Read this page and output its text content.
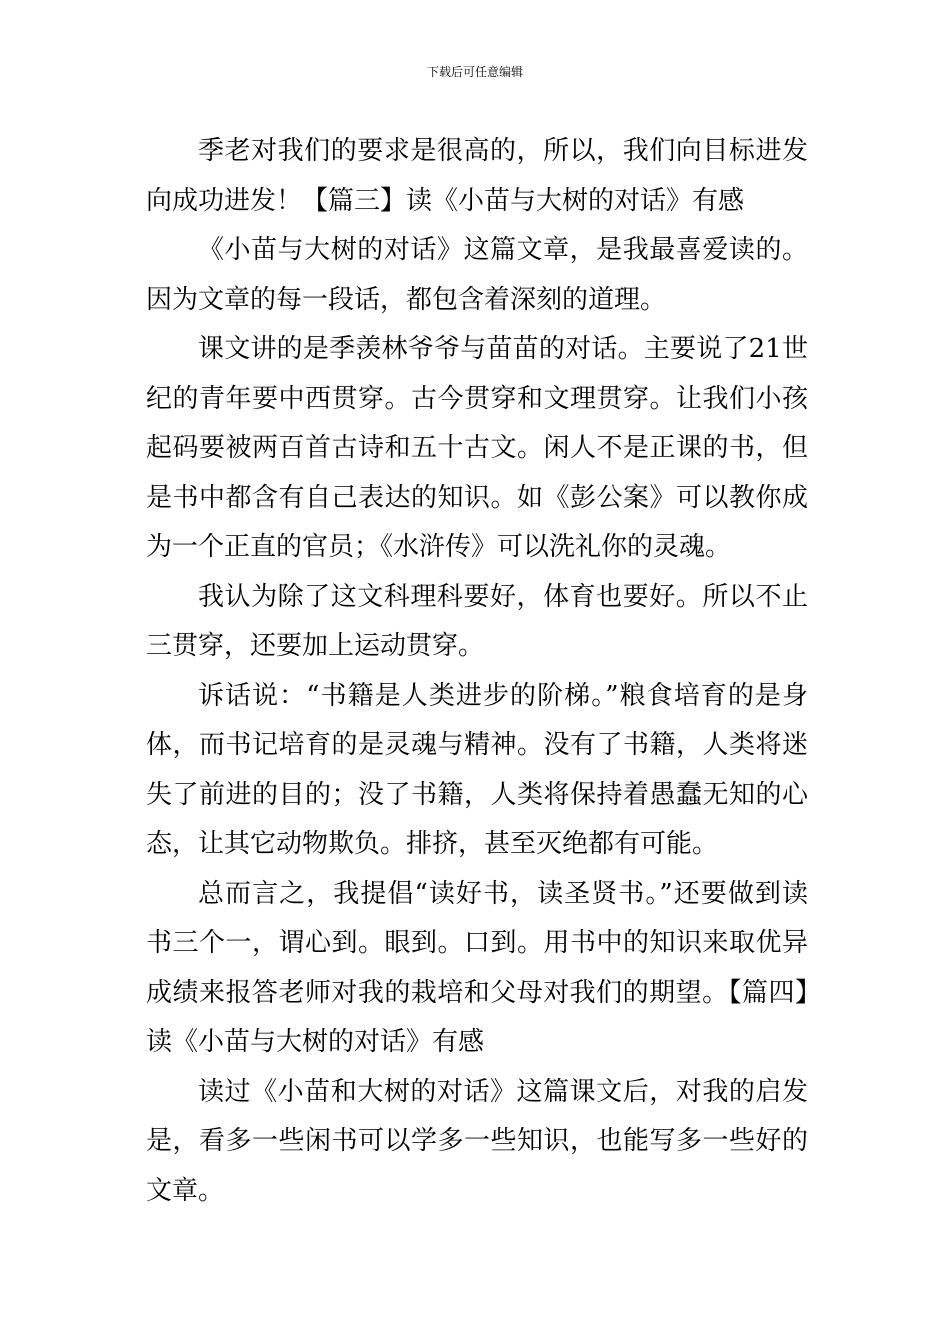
下载后可任意编辑

季老对我们的要求是很高的，所以，我们向目标进发向成功进发！【篇三】读《小苗与大树的对话》有感

《小苗与大树的对话》这篇文章，是我最喜爱读的。因为文章的每一段话，都包含着深刻的道理。

课文讲的是季羡林爷爷与苗苗的对话。主要说了21世纪的青年要中西贯穿。古今贯穿和文理贯穿。让我们小孩起码要被两百首古诗和五十古文。闲人不是正课的书，但是书中都含有自己表达的知识。如《彭公案》可以教你成为一个正直的官员；《水浒传》可以洗礼你的灵魂。

我认为除了这文科理科要好，体育也要好。所以不止三贯穿，还要加上运动贯穿。

诉话说：“书籍是人类进步的阶梯。”粮食培育的是身体，而书记培育的是灵魂与精神。没有了书籍，人类将迷失了前进的目的；没了书籍，人类将保持着愚蠢无知的心态，让其它动物欺负。排挤，甚至灭绝都有可能。

总而言之，我提倡“读好书，读圣贤书。”还要做到读书三个一，谓心到。眼到。口到。用书中的知识来取优异成绩来报答老师对我的栽培和父母对我们的期望。【篇四】读《小苗与大树的对话》有感

读过《小苗和大树的对话》这篇课文后，对我的启发是，看多一些闲书可以学多一些知识，也能写多一些好的文章。
